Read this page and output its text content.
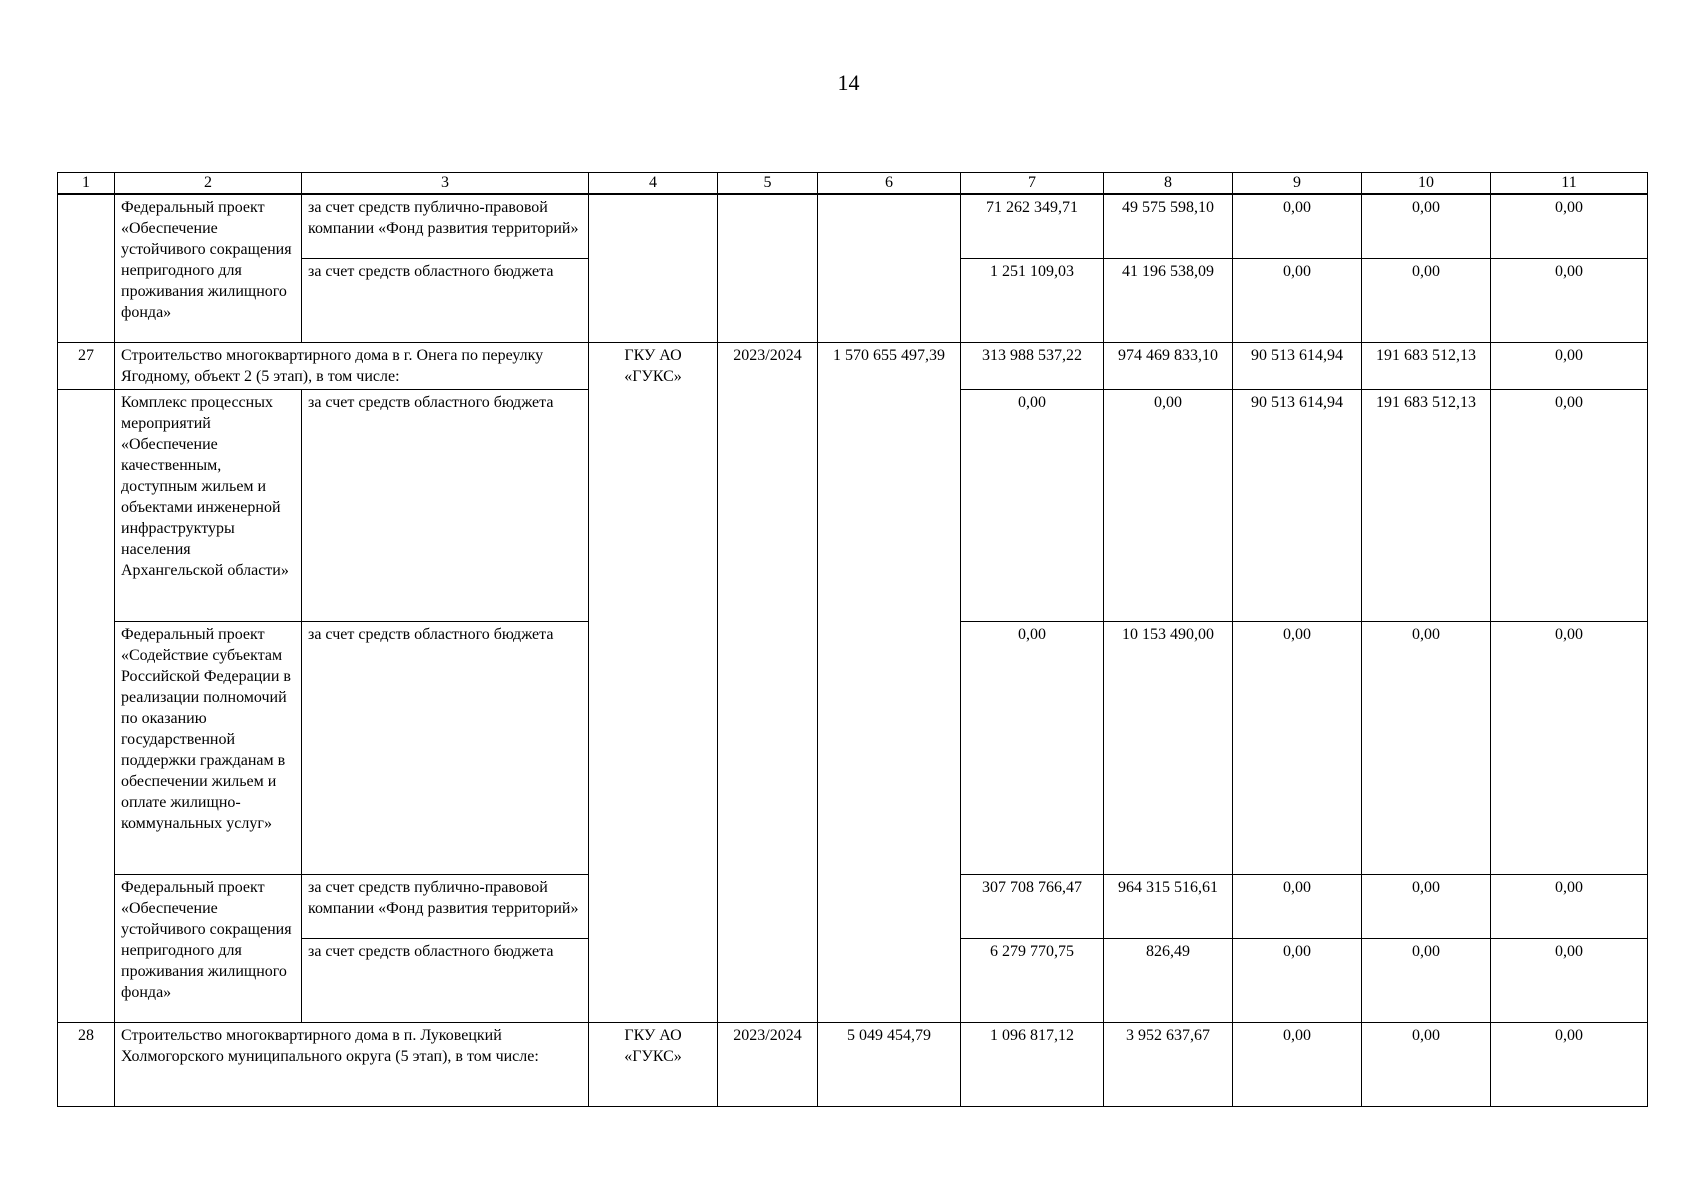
14
1	2	3	4	5	6	7	8	9	10	11
	Федеральный проект «Обеспечение устойчивого сокращения непригодного для проживания жилищного фонда»	за счет средств публично-правовой компании «Фонд развития территорий»				71 262 349,71	49 575 598,10	0,00	0,00	0,00
		за счет средств областного бюджета				1 251 109,03	41 196 538,09	0,00	0,00	0,00
27	Строительство многоквартирного дома в г. Онега по переулку Ягодному, объект 2 (5 этап), в том числе:		ГКУ АО «ГУКС»	2023/2024	1 570 655 497,39	313 988 537,22	974 469 833,10	90 513 614,94	191 683 512,13	0,00
	Комплекс процессных мероприятий «Обеспечение качественным, доступным жильем и объектами инженерной инфраструктуры населения Архангельской области»	за счет средств областного бюджета				0,00	0,00	90 513 614,94	191 683 512,13	0,00
	Федеральный проект «Содействие субъектам Российской Федерации в реализации полномочий по оказанию государственной поддержки гражданам в обеспечении жильем и оплате жилищно-коммунальных услуг»	за счет средств областного бюджета				0,00	10 153 490,00	0,00	0,00	0,00
	Федеральный проект «Обеспечение устойчивого сокращения непригодного для проживания жилищного фонда»	за счет средств публично-правовой компании «Фонд развития территорий»				307 708 766,47	964 315 516,61	0,00	0,00	0,00
		за счет средств областного бюджета				6 279 770,75	826,49	0,00	0,00	0,00
28	Строительство многоквартирного дома в п. Луковецкий Холмогорского муниципального округа (5 этап), в том числе:		ГКУ АО «ГУКС»	2023/2024	5 049 454,79	1 096 817,12	3 952 637,67	0,00	0,00	0,00
